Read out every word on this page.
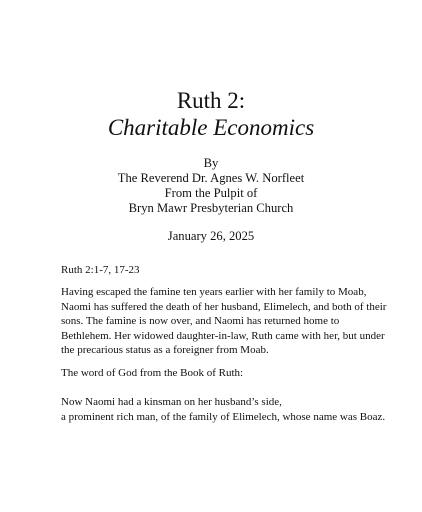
Ruth 2:
Charitable Economics
By
The Reverend Dr. Agnes W. Norfleet
From the Pulpit of
Bryn Mawr Presbyterian Church
January 26, 2025
Ruth 2:1-7, 17-23
Having escaped the famine ten years earlier with her family to Moab,
Naomi has suffered the death of her husband, Elimelech, and both of their
sons. The famine is now over, and Naomi has returned home to
Bethlehem. Her widowed daughter-in-law, Ruth came with her, but under
the precarious status as a foreigner from Moab.
The word of God from the Book of Ruth:
Now Naomi had a kinsman on her husband’s side,
a prominent rich man, of the family of Elimelech, whose name was Boaz.
